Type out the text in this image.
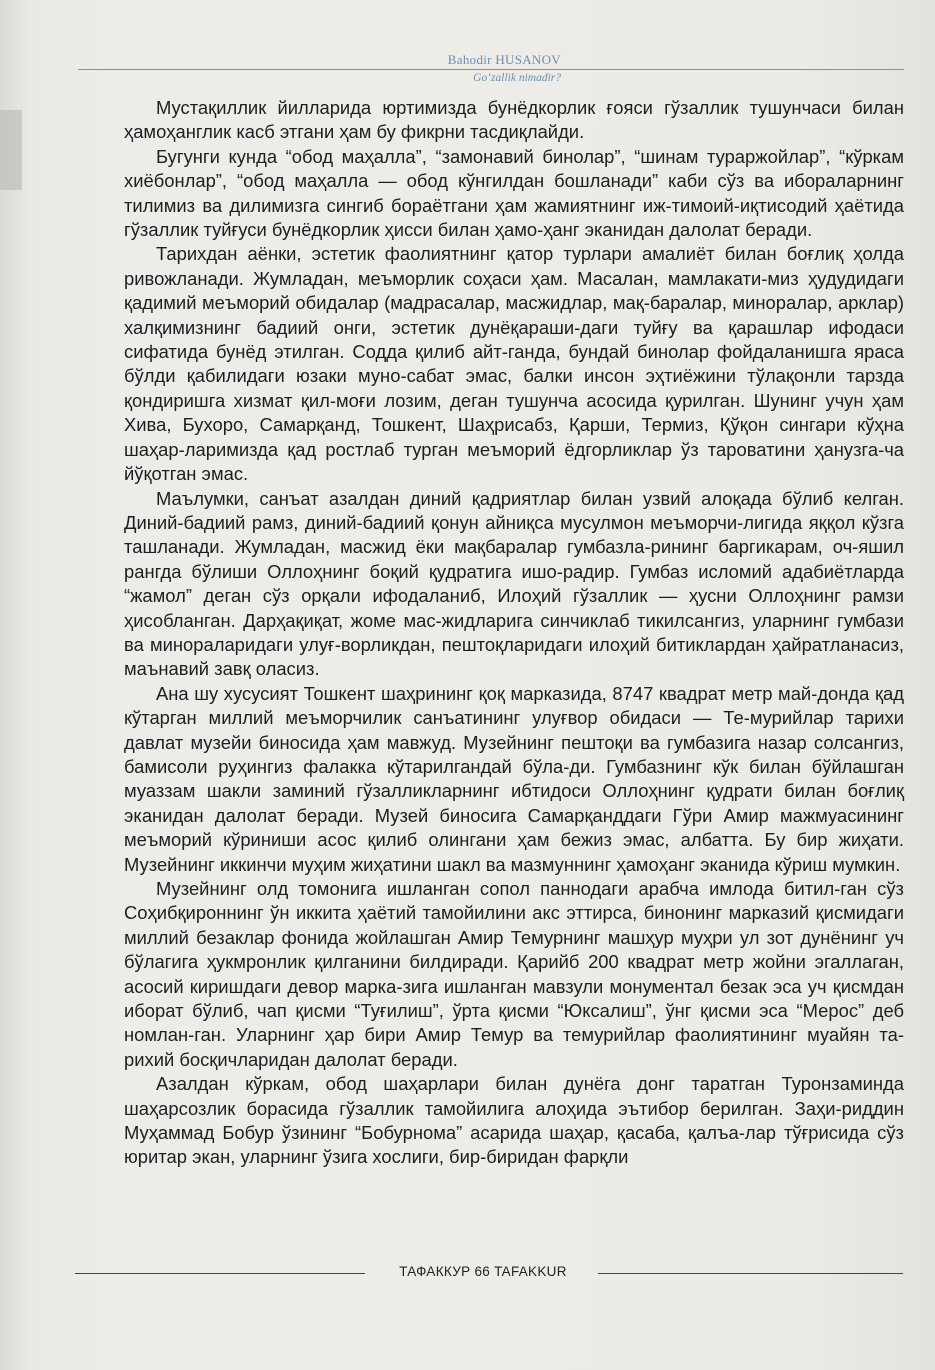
Bahodir HUSANOV
Go‘zallik nimadir?

Мустақиллик йилларида юртимизда бунёдкорлик ғояси гўзаллик тушунчаси билан ҳамоҳанглик касб этгани ҳам бу фикрни тасдиқлайди.

Бугунги кунда “обод маҳалла”, “замонавий бинолар”, “шинам тураржойлар”, “кўркам хиёбонлар”, “обод маҳалла — обод кўнгилдан бошланади” каби сўз ва ибораларнинг тилимиз ва дилимизга сингиб бораётгани ҳам жамиятнинг иж-тимоий-иқтисодий ҳаётида гўзаллик туйғуси бунёдкорлик ҳисси билан ҳамо-ҳанг эканидан далолат беради.

Тарихдан аёнки, эстетик фаолиятнинг қатор турлари амалиёт билан боғлиқ ҳолда ривожланади. Жумладан, меъморлик соҳаси ҳам. Масалан, мамлакати-миз ҳудудидаги қадимий меъморий обидалар (мадрасалар, масжидлар, мақ-баралар, миноралар, арклар) халқимизнинг бадиий онги, эстетик дунёқараши-даги туйғу ва қарашлар ифодаси сифатида бунёд этилган. Содда қилиб айт-ганда, бундай бинолар фойдаланишга яраса бўлди қабилидаги юзаки муно-сабат эмас, балки инсон эҳтиёжини тўлақонли тарзда қондиришга хизмат қил-моғи лозим, деган тушунча асосида қурилган. Шунинг учун ҳам Хива, Бухоро, Самарқанд, Тошкент, Шаҳрисабз, Қарши, Термиз, Қўқон сингари кўҳна шаҳар-ларимизда қад ростлаб турган меъморий ёдгорликлар ўз тароватини ҳанузга-ча йўқотган эмас.

Маълумки, санъат азалдан диний қадриятлар билан узвий алоқада бўлиб келган. Диний-бадиий рамз, диний-бадиий қонун айниқса мусулмон меъморчи-лигида яққол кўзга ташланади. Жумладан, масжид ёки мақбаралар гумбазла-рининг баргикарам, оч-яшил рангда бўлиши Оллоҳнинг боқий қудратига ишо-радир. Гумбаз исломий адабиётларда “жамол” деган сўз орқали ифодаланиб, Илоҳий гўзаллик — ҳусни Оллоҳнинг рамзи ҳисобланган. Дарҳақиқат, жоме мас-жидларига синчиклаб тикилсангиз, уларнинг гумбази ва минораларидаги улуғ-ворликдан, пештоқларидаги илоҳий битиклардан ҳайратланасиз, маънавий завқ оласиз.

Ана шу хусусият Тошкент шаҳрининг қоқ марказида, 8747 квадрат метр май-донда қад кўтарган миллий меъморчилик санъатининг улуғвор обидаси — Те-мурийлар тарихи давлат музейи биносида ҳам мавжуд. Музейнинг пештоқи ва гумбазига назар солсангиз, бамисоли руҳингиз фалакка кўтарилгандай бўла-ди. Гумбазнинг кўк билан бўйлашган муаззам шакли заминий гўзалликларнинг ибтидоси Оллоҳнинг қудрати билан боғлиқ эканидан далолат беради. Музей биносига Самарқанддаги Гўри Амир мажмуасининг меъморий кўриниши асос қилиб олингани ҳам бежиз эмас, албатта. Бу бир жиҳати. Музейнинг иккинчи муҳим жиҳатини шакл ва мазмуннинг ҳамоҳанг эканида кўриш мумкин.

Музейнинг олд томонига ишланган сопол паннодаги арабча имлода битил-ган сўз Соҳибқироннинг ўн иккита ҳаётий тамойилини акс эттирса, бинонинг марказий қисмидаги миллий безаклар фонида жойлашган Амир Темурнинг машҳур муҳри ул зот дунёнинг уч бўлагига ҳукмронлик қилганини билдиради. Қарийб 200 квадрат метр жойни эгаллаган, асосий киришдаги девор марка-зига ишланган мавзули монументал безак эса уч қисмдан иборат бўлиб, чап қисми “Туғилиш”, ўрта қисми “Юксалиш”, ўнг қисми эса “Мерос” деб номлан-ган. Уларнинг ҳар бири Амир Темур ва темурийлар фаолиятининг муайян та-рихий босқичларидан далолат беради.

Азалдан кўркам, обод шаҳарлари билан дунёга донг таратган Туронзаминда шаҳарсозлик борасида гўзаллик тамойилига алоҳида эътибор берилган. Заҳи-риддин Муҳаммад Бобур ўзининг “Бобурнома” асарида шаҳар, қасаба, қалъа-лар тўғрисида сўз юритар экан, уларнинг ўзига хослиги, бир-биридан фарқли

ТАФАККУР 66 TAFAKKUR
